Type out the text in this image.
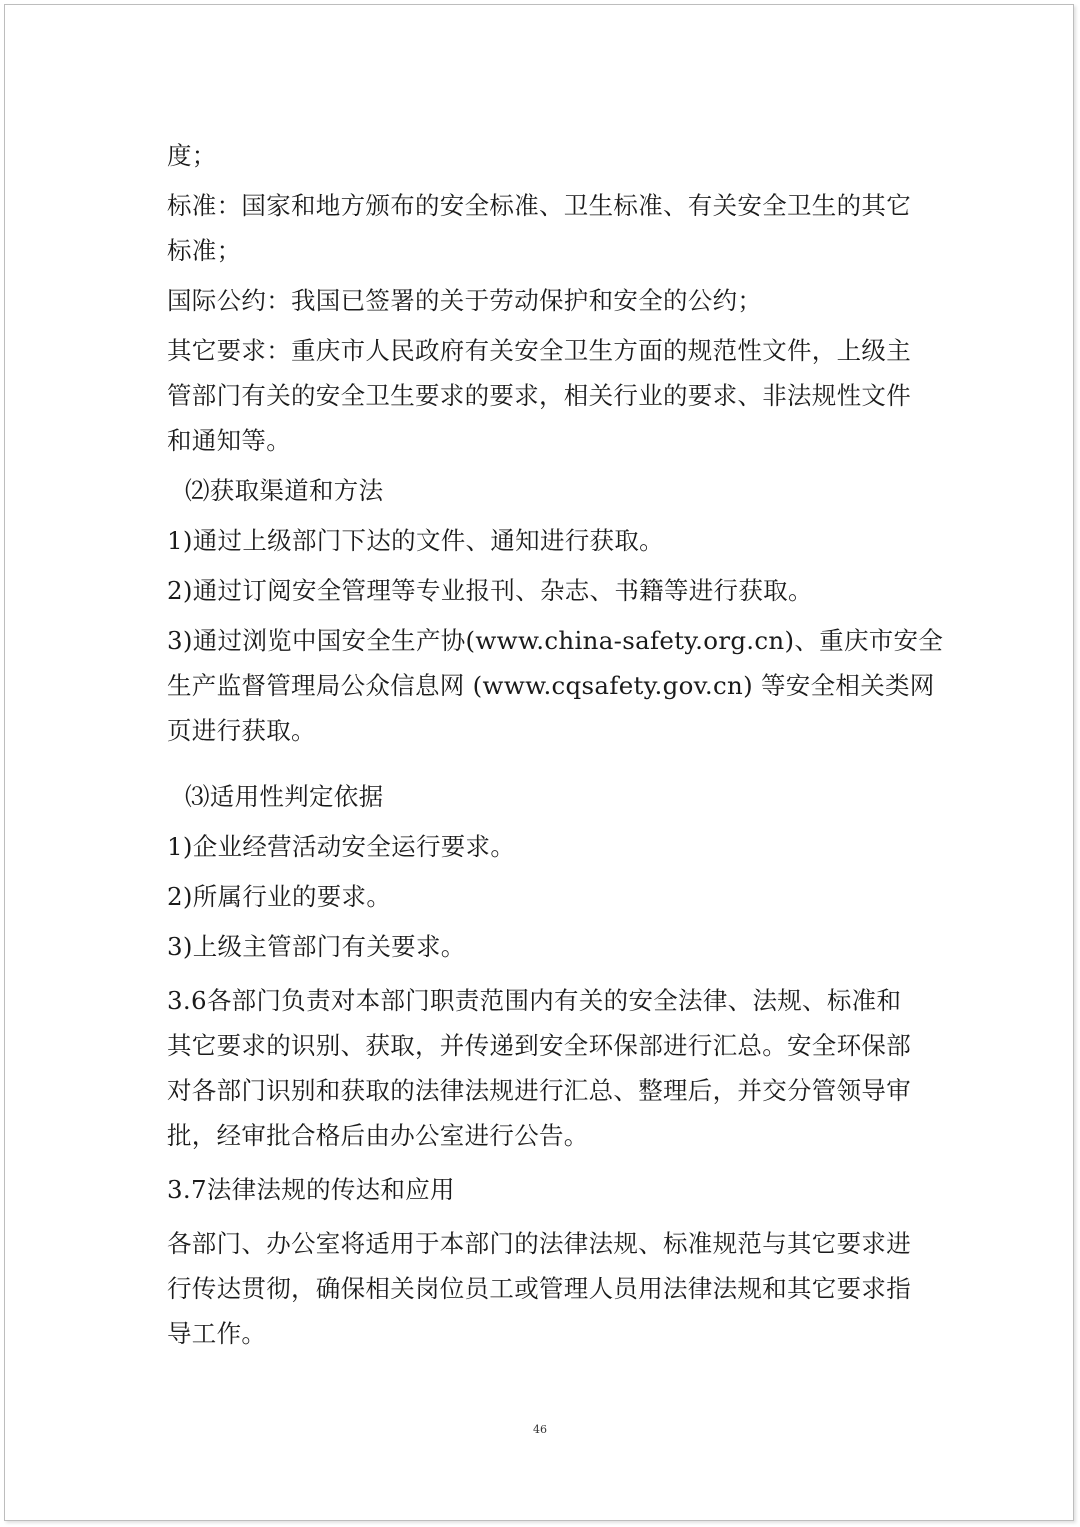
度；
标准：国家和地方颁布的安全标准、卫生标准、有关安全卫生的其它
标准；
国际公约：我国已签署的关于劳动保护和安全的公约；
其它要求：重庆市人民政府有关安全卫生方面的规范性文件，上级主
管部门有关的安全卫生要求的要求，相关行业的要求、非法规性文件
和通知等。
⑵获取渠道和方法
1)通过上级部门下达的文件、通知进行获取。
2)通过订阅安全管理等专业报刊、杂志、书籍等进行获取。
3)通过浏览中国安全生产协(www.china-safety.org.cn)、重庆市安全
生产监督管理局公众信息网 (www.cqsafety.gov.cn) 等安全相关类网
页进行获取。
⑶适用性判定依据
1)企业经营活动安全运行要求。
2)所属行业的要求。
3)上级主管部门有关要求。
3.6各部门负责对本部门职责范围内有关的安全法律、法规、标准和
其它要求的识别、获取，并传递到安全环保部进行汇总。安全环保部
对各部门识别和获取的法律法规进行汇总、整理后，并交分管领导审
批，经审批合格后由办公室进行公告。
3.7法律法规的传达和应用
各部门、办公室将适用于本部门的法律法规、标准规范与其它要求进
行传达贯彻，确保相关岗位员工或管理人员用法律法规和其它要求指
导工作。
46
